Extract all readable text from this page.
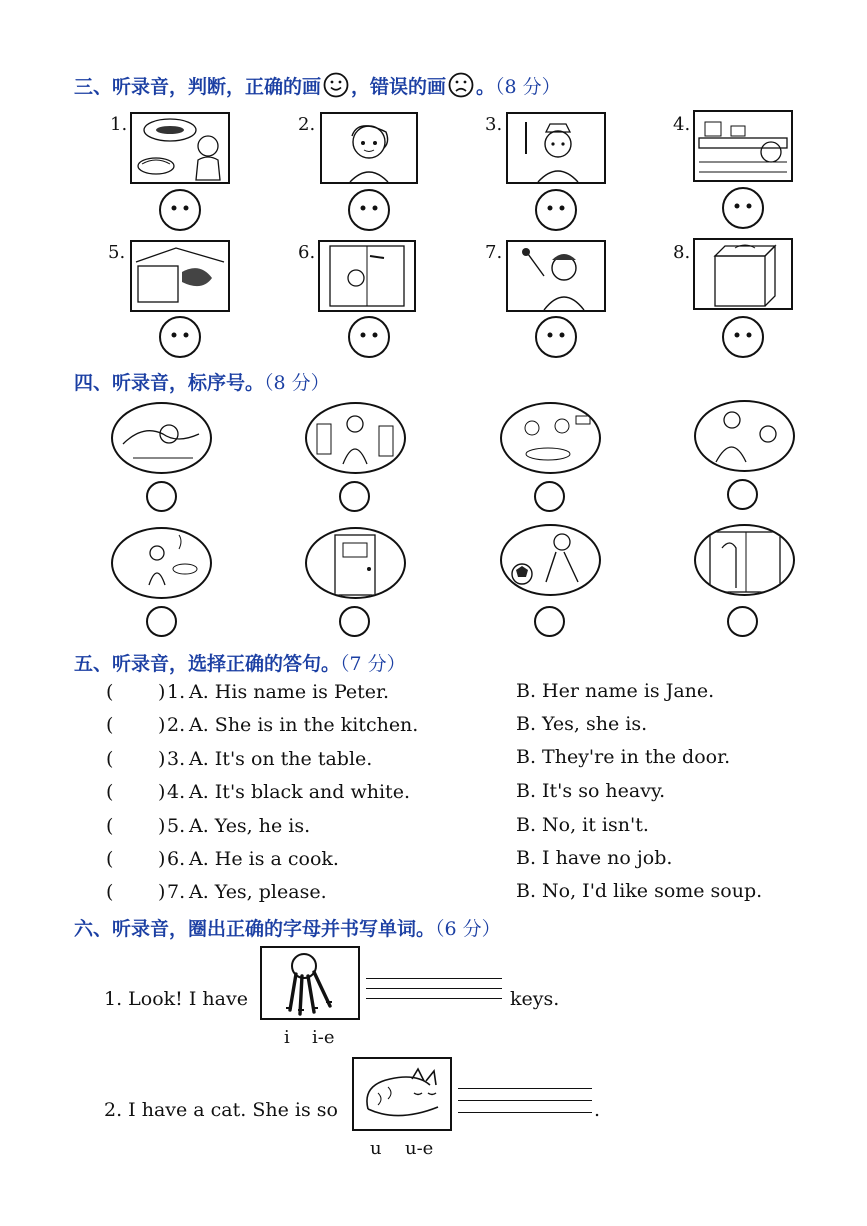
三、听录音，判断，正确的画 ，错误的画 。（8 分）
1.	2.	3.	4.
5.	6.	7.	8.
四、听录音，标序号。（8 分）
五、听录音，选择正确的答句。（7 分）
( ) 1. A. His name is Peter.	B. Her name is Jane.
( ) 2. A. She is in the kitchen.	B. Yes, she is.
( ) 3. A. It's on the table.	B. They're in the door.
( ) 4. A. It's black and white.	B. It's so heavy.
( ) 5. A. Yes, he is.	B. No, it isn't.
( ) 6. A. He is a cook.	B. I have no job.
( ) 7. A. Yes, please.	B. No, I'd like some soup.
六、听录音，圈出正确的字母并书写单词。（6 分）
1. Look! I have	keys.
i i-e
2. I have a cat. She is so	.
u u-e
